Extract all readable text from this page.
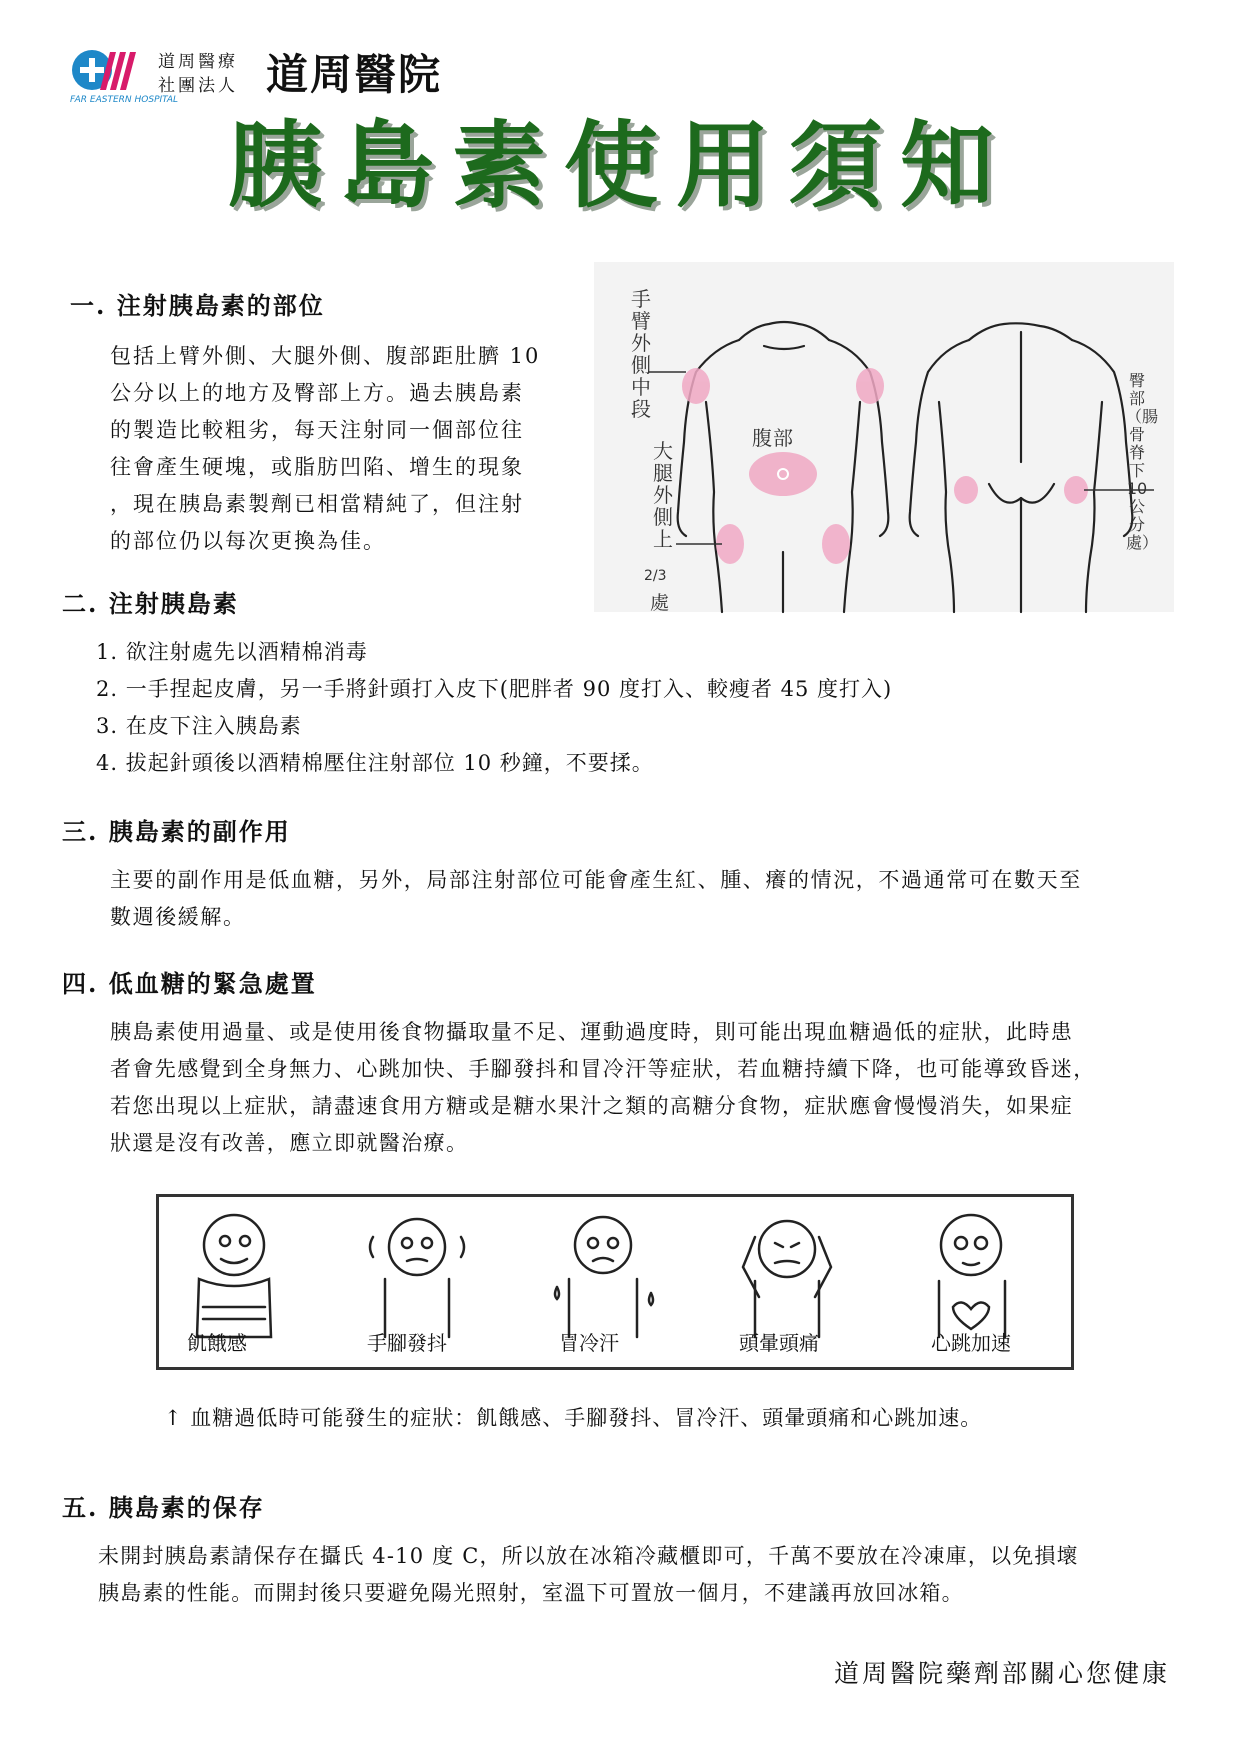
FAR EASTERN HOSPITAL
道周醫療
社團法人 道周醫院
胰島素使用須知
一. 注射胰島素的部位
包括上臂外側、大腿外側、腹部距肚臍 10
公分以上的地方及臀部上方。過去胰島素
的製造比較粗劣，每天注射同一個部位往
往會產生硬塊，或脂肪凹陷、增生的現象
，現在胰島素製劑已相當精純了，但注射
的部位仍以每次更換為佳。
手臂外側中段
大腿外側上
2/3
處
腹部
臀部（腸骨脊下10公分處）
二. 注射胰島素
1. 欲注射處先以酒精棉消毒
2. 一手捏起皮膚，另一手將針頭打入皮下(肥胖者 90 度打入、較瘦者 45 度打入)
3. 在皮下注入胰島素
4. 拔起針頭後以酒精棉壓住注射部位 10 秒鐘，不要揉。
三. 胰島素的副作用
主要的副作用是低血糖，另外，局部注射部位可能會產生紅、腫、癢的情況，不過通常可在數天至
數週後緩解。
四. 低血糖的緊急處置
胰島素使用過量、或是使用後食物攝取量不足、運動過度時，則可能出現血糖過低的症狀，此時患
者會先感覺到全身無力、心跳加快、手腳發抖和冒冷汗等症狀，若血糖持續下降，也可能導致昏迷，
若您出現以上症狀，請盡速食用方糖或是糖水果汁之類的高糖分食物，症狀應會慢慢消失，如果症
狀還是沒有改善，應立即就醫治療。
飢餓感	手腳發抖	冒冷汗	頭暈頭痛	心跳加速
↑ 血糖過低時可能發生的症狀：飢餓感、手腳發抖、冒冷汗、頭暈頭痛和心跳加速。
五. 胰島素的保存
未開封胰島素請保存在攝氏 4-10 度 C，所以放在冰箱冷藏櫃即可，千萬不要放在冷凍庫，以免損壞
胰島素的性能。而開封後只要避免陽光照射，室溫下可置放一個月，不建議再放回冰箱。
道周醫院藥劑部關心您健康
